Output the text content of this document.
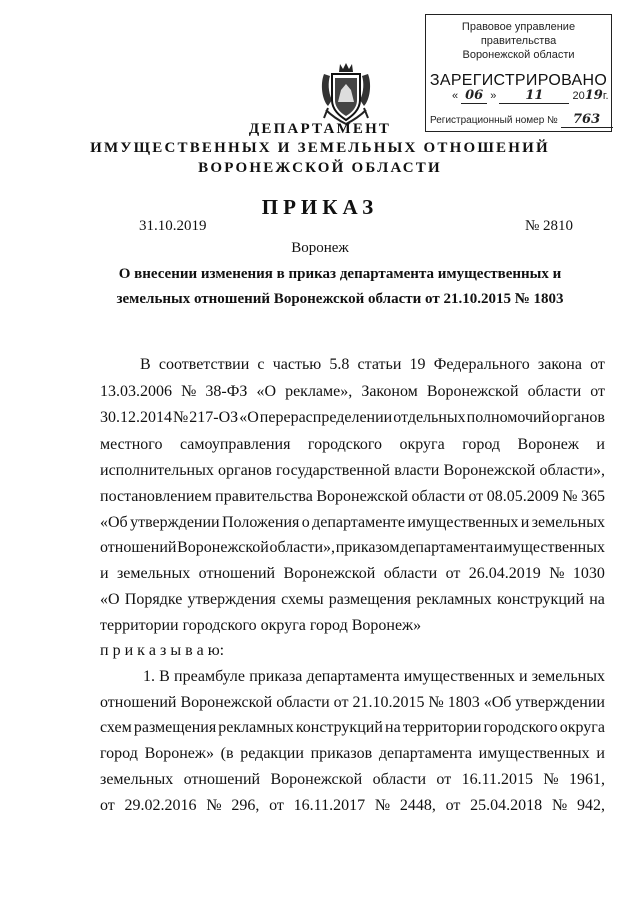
Правовое управление правительства
Воронежской области
ЗАРЕГИСТРИРОВАНО
« 06 » 11	2019г.
Регистрационный номер № 763
ДЕПАРТАМЕНТ
ИМУЩЕСТВЕННЫХ И ЗЕМЕЛЬНЫХ ОТНОШЕНИЙ
ВОРОНЕЖСКОЙ ОБЛАСТИ
ПРИКАЗ
31.10.2019	№ 2810
Воронеж
О внесении изменения в приказ департамента имущественных и
земельных отношений Воронежской области от 21.10.2015 № 1803
В соответствии с частью 5.8 статьи 19 Федерального закона от
13.03.2006 № 38-ФЗ «О рекламе», Законом Воронежской области от
30.12.2014 № 217-ОЗ «О перераспределении отдельных полномочий органов
местного самоуправления городского округа город Воронеж и
исполнительных органов государственной власти Воронежской области»,
постановлением правительства Воронежской области от 08.05.2009 № 365
«Об утверждении Положения о департаменте имущественных и земельных
отношений Воронежской области», приказом департамента имущественных
и земельных отношений Воронежской области от 26.04.2019 № 1030
«О Порядке утверждения схемы размещения рекламных конструкций на
территории городского округа город Воронеж»
п р и к а з ы в а ю:
1. В преамбуле приказа департамента имущественных и земельных
отношений Воронежской области от 21.10.2015 № 1803 «Об утверждении
схем размещения рекламных конструкций на территории городского округа
город Воронеж» (в редакции приказов департамента имущественных и
земельных отношений Воронежской области от 16.11.2015 № 1961,
от 29.02.2016 № 296, от 16.11.2017 № 2448, от 25.04.2018 № 942,
